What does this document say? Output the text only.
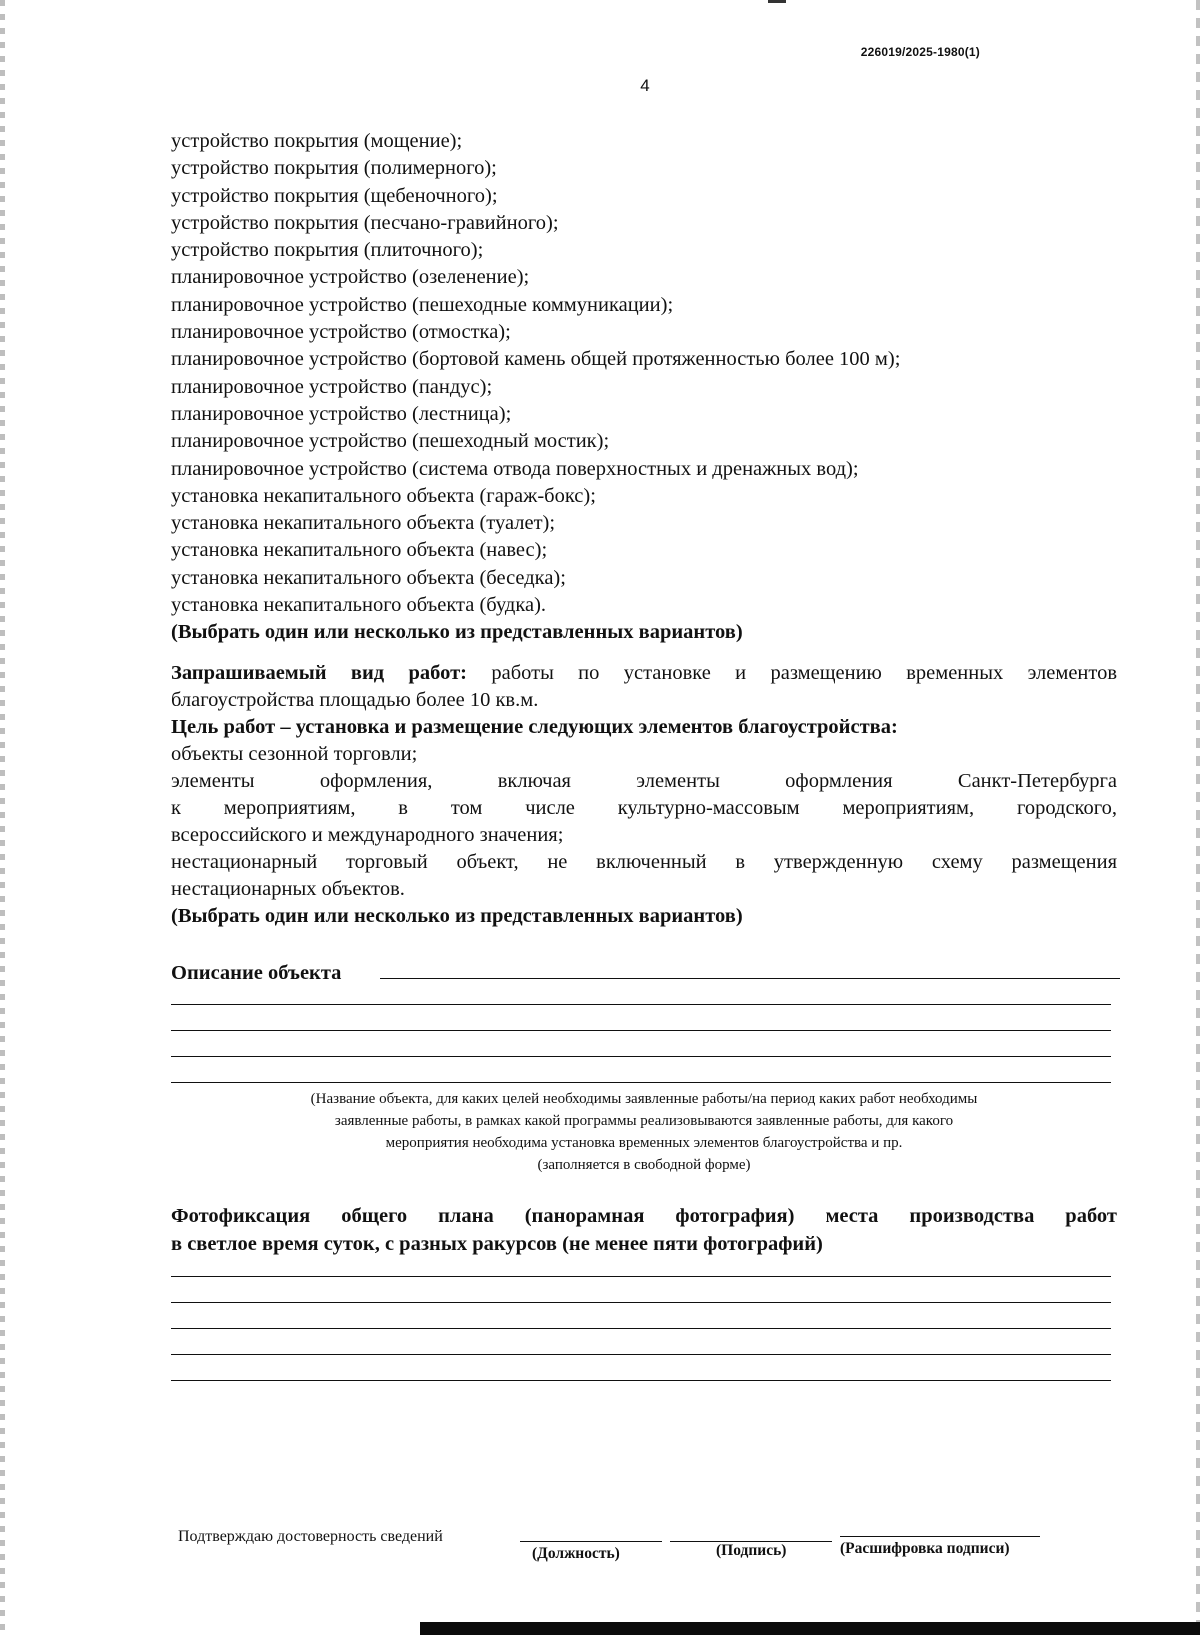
226019/2025-1980(1)
4
устройство покрытия (мощение);
устройство покрытия (полимерного);
устройство покрытия (щебеночного);
устройство покрытия (песчано-гравийного);
устройство покрытия (плиточного);
планировочное устройство (озеленение);
планировочное устройство (пешеходные коммуникации);
планировочное устройство (отмостка);
планировочное устройство (бортовой камень общей протяженностью более 100 м);
планировочное устройство (пандус);
планировочное устройство (лестница);
планировочное устройство (пешеходный мостик);
планировочное устройство (система отвода поверхностных и дренажных вод);
установка некапитального объекта (гараж-бокс);
установка некапитального объекта (туалет);
установка некапитального объекта (навес);
установка некапитального объекта (беседка);
установка некапитального объекта (будка).
(Выбрать один или несколько из представленных вариантов)
Запрашиваемый вид работ: работы по установке и размещению временных элементов
благоустройства площадью более 10 кв.м.
Цель работ – установка и размещение следующих элементов благоустройства:
объекты сезонной торговли;
элементы оформления, включая элементы оформления Санкт-Петербурга
к мероприятиям, в том числе культурно-массовым мероприятиям, городского,
всероссийского и международного значения;
нестационарный торговый объект, не включенный в утвержденную схему размещения
нестационарных объектов.
(Выбрать один или несколько из представленных вариантов)
Описание объекта
(Название объекта, для каких целей необходимы заявленные работы/на период каких работ необходимы
заявленные работы, в рамках какой программы реализовываются заявленные работы, для какого
мероприятия необходима установка временных элементов благоустройства и пр.
(заполняется в свободной форме)
Фотофиксация общего плана (панорамная фотография) места производства работ
в светлое время суток, с разных ракурсов (не менее пяти фотографий)
Подтверждаю достоверность сведений
(Должность)	(Подпись)	(Расшифровка подписи)
